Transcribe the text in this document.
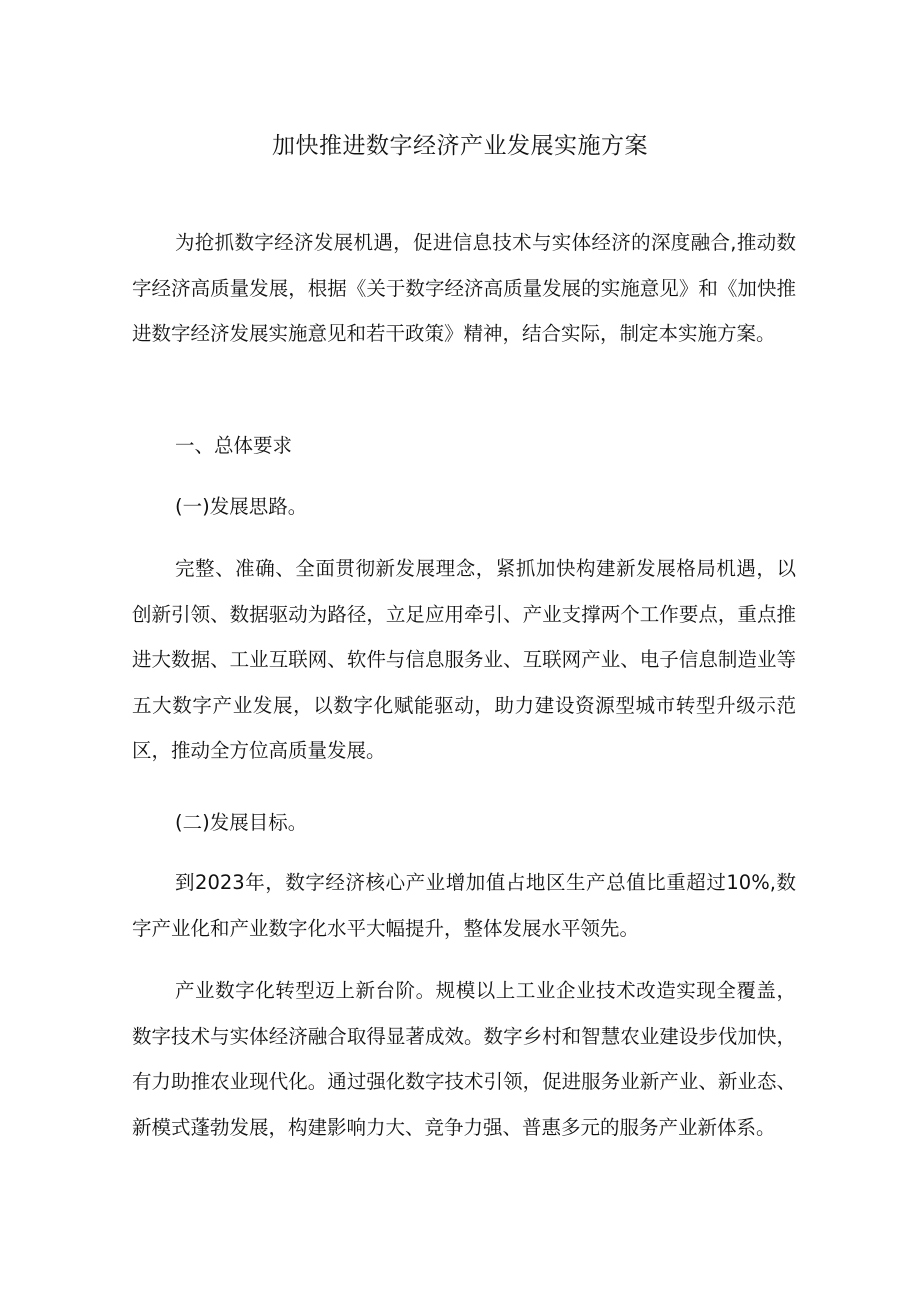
加快推进数字经济产业发展实施方案

为抢抓数字经济发展机遇，促进信息技术与实体经济的深度融合,推动数字经济高质量发展，根据《关于数字经济高质量发展的实施意见》和《加快推进数字经济发展实施意见和若干政策》精神，结合实际，制定本实施方案。

一、总体要求
(一)发展思路。

完整、准确、全面贯彻新发展理念，紧抓加快构建新发展格局机遇，以创新引领、数据驱动为路径，立足应用牵引、产业支撑两个工作要点，重点推进大数据、工业互联网、软件与信息服务业、互联网产业、电子信息制造业等五大数字产业发展，以数字化赋能驱动，助力建设资源型城市转型升级示范区，推动全方位高质量发展。

(二)发展目标。

到2023年，数字经济核心产业增加值占地区生产总值比重超过10%,数字产业化和产业数字化水平大幅提升，整体发展水平领先。

产业数字化转型迈上新台阶。规模以上工业企业技术改造实现全覆盖，数字技术与实体经济融合取得显著成效。数字乡村和智慧农业建设步伐加快，有力助推农业现代化。通过强化数字技术引领，促进服务业新产业、新业态、新模式蓬勃发展，构建影响力大、竞争力强、普惠多元的服务产业新体系。
